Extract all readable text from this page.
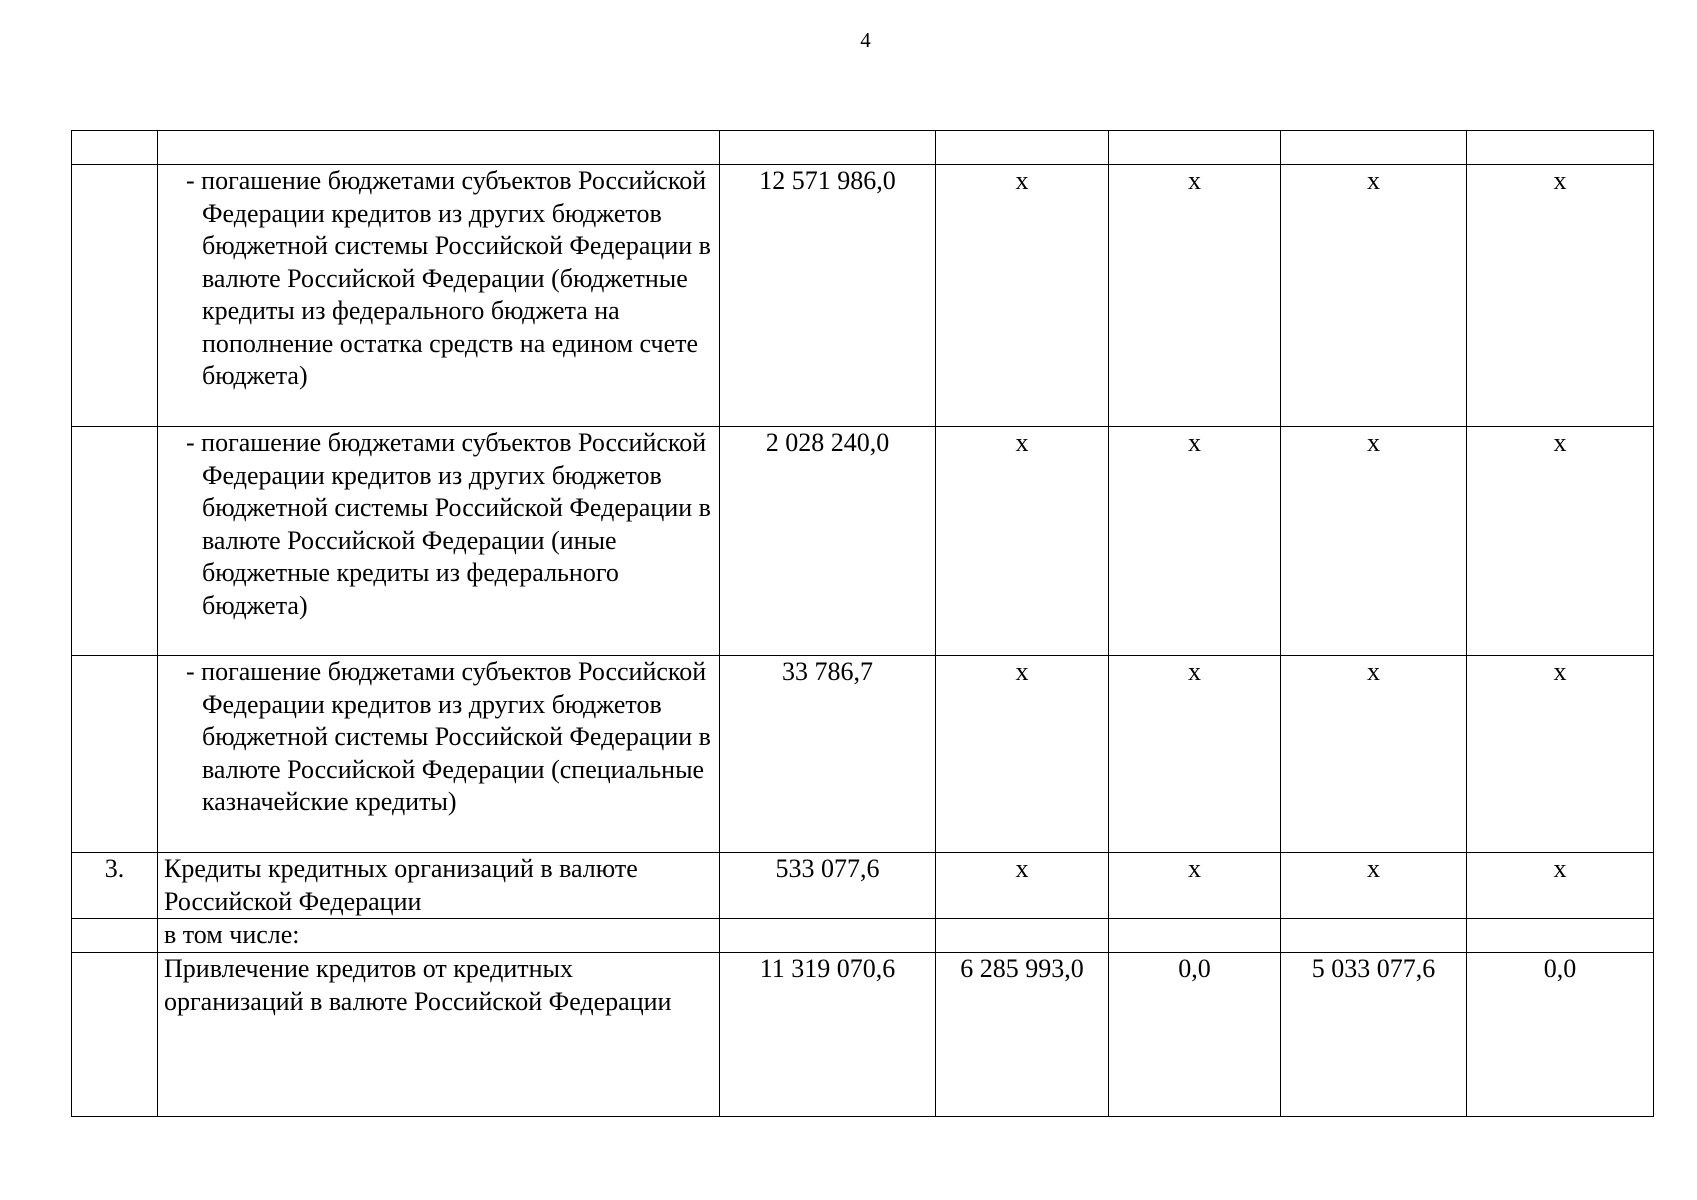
4

	- погашение бюджетами субъектов Российской Федерации кредитов из других бюджетов бюджетной системы Российской Федерации в валюте Российской Федерации (бюджетные кредиты из федерального бюджета на пополнение остатка средств на едином счете бюджета)	12 571 986,0	х	х	х	х

	- погашение бюджетами субъектов Российской Федерации кредитов из других бюджетов бюджетной системы Российской Федерации в валюте Российской Федерации (иные бюджетные кредиты из федерального бюджета)	2 028 240,0	х	х	х	х

	- погашение бюджетами субъектов Российской Федерации кредитов из других бюджетов бюджетной системы Российской Федерации в валюте Российской Федерации (специальные казначейские кредиты)	33 786,7	х	х	х	х
3.	Кредиты кредитных организаций в валюте Российской Федерации	533 077,6	х	х	х	х
	в том числе:					
	Привлечение кредитов от кредитных организаций в валюте Российской Федерации	11 319 070,6	6 285 993,0	0,0	5 033 077,6	0,0
